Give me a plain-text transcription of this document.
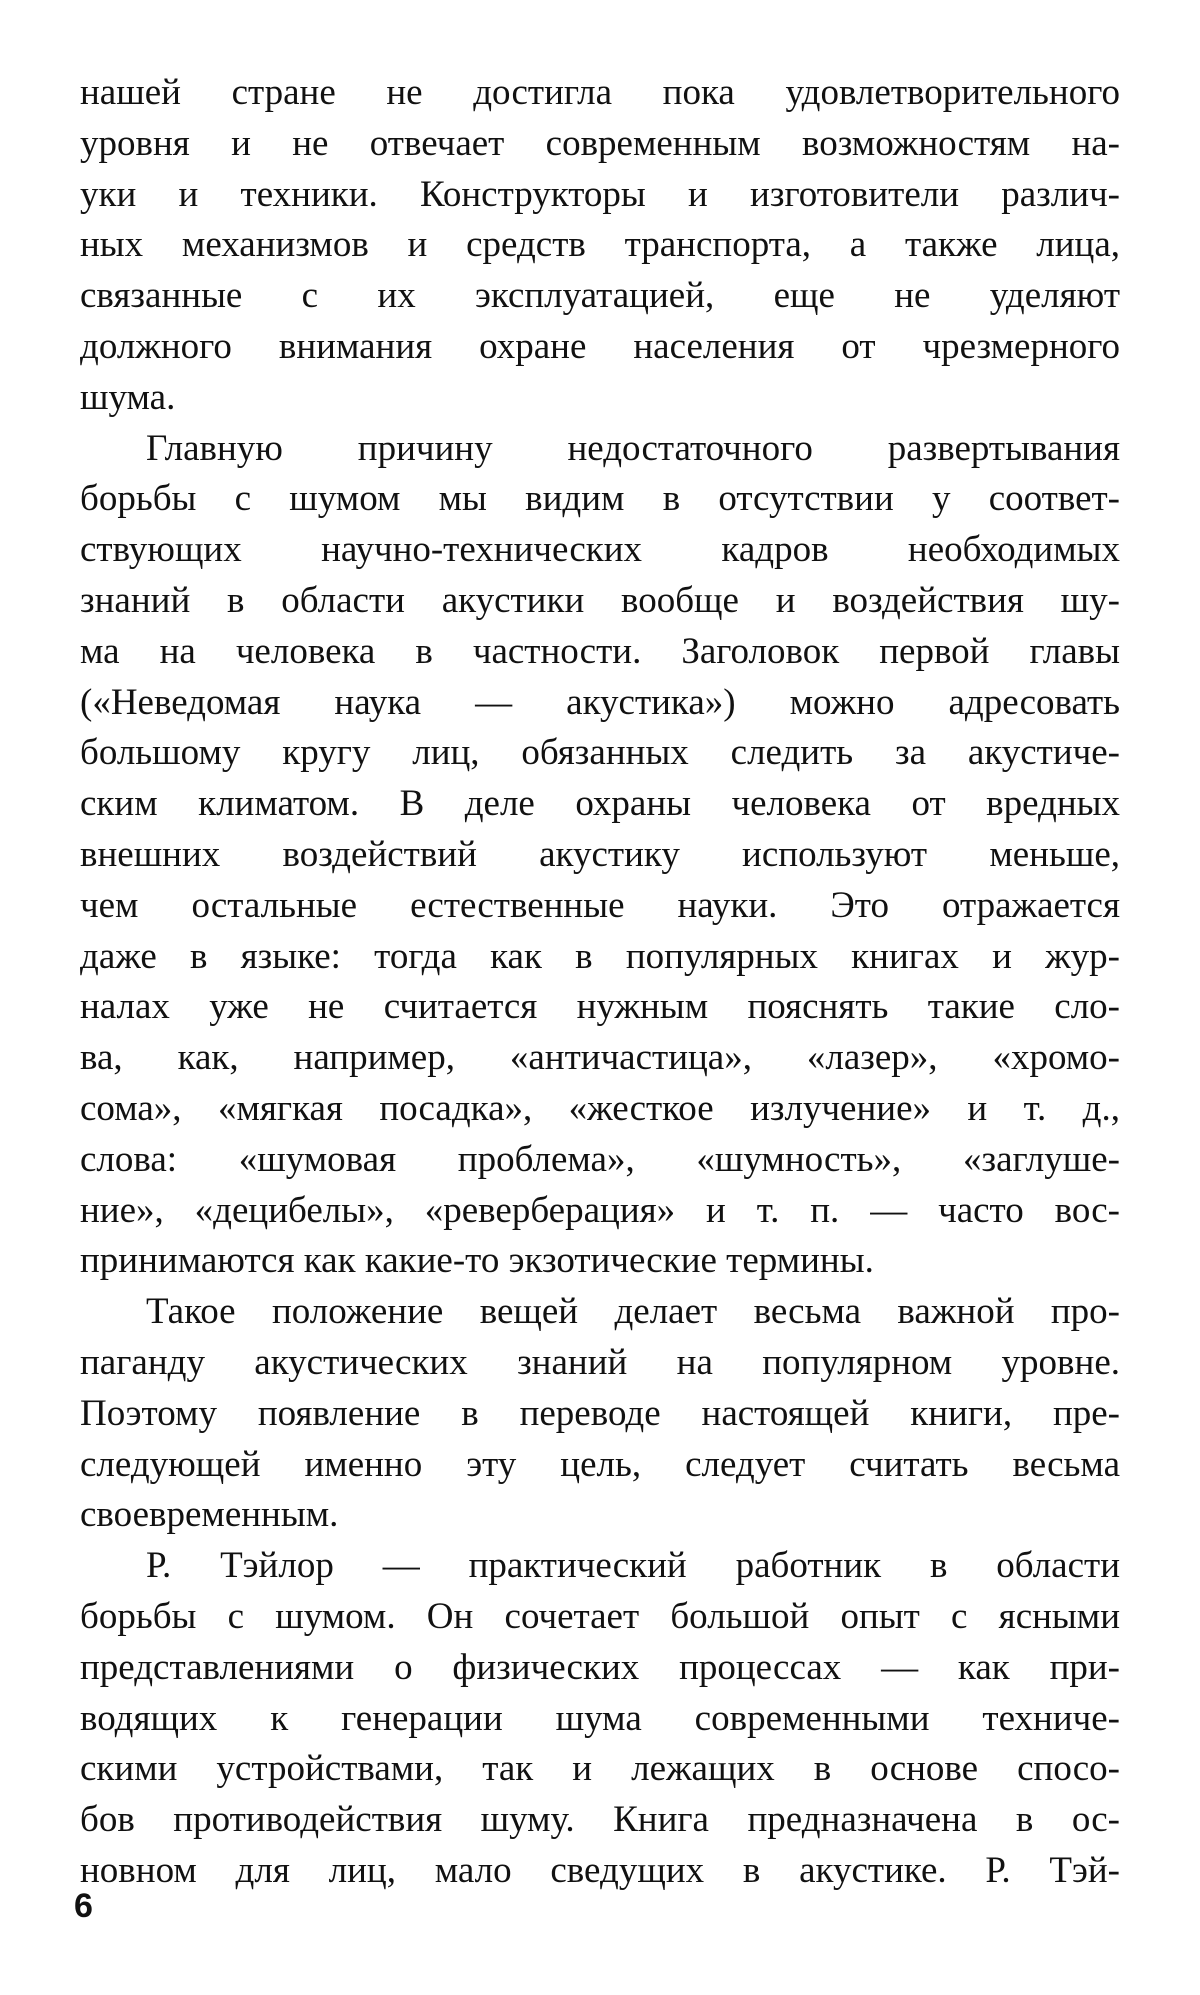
нашей стране не достигла пока удовлетворительного
уровня и не отвечает современным возможностям на-
уки и техники. Конструкторы и изготовители различ-
ных механизмов и средств транспорта, а также лица,
связанные с их эксплуатацией, еще не уделяют
должного внимания охране населения от чрезмерного
шума.
Главную причину недостаточного развертывания
борьбы с шумом мы видим в отсутствии у соответ-
ствующих научно-технических кадров необходимых
знаний в области акустики вообще и воздействия шу-
ма на человека в частности. Заголовок первой главы
(«Неведомая наука — акустика») можно адресовать
большому кругу лиц, обязанных следить за акустиче-
ским климатом. В деле охраны человека от вредных
внешних воздействий акустику используют меньше,
чем остальные естественные науки. Это отражается
даже в языке: тогда как в популярных книгах и жур-
налах уже не считается нужным пояснять такие сло-
ва, как, например, «античастица», «лазер», «хромо-
сома», «мягкая посадка», «жесткое излучение» и т. д.,
слова: «шумовая проблема», «шумность», «заглуше-
ние», «децибелы», «реверберация» и т. п. — часто вос-
принимаются как какие-то экзотические термины.
Такое положение вещей делает весьма важной про-
паганду акустических знаний на популярном уровне.
Поэтому появление в переводе настоящей книги, пре-
следующей именно эту цель, следует считать весьма
своевременным.
Р. Тэйлор — практический работник в области
борьбы с шумом. Он сочетает большой опыт с ясными
представлениями о физических процессах — как при-
водящих к генерации шума современными техниче-
скими устройствами, так и лежащих в основе спосо-
бов противодействия шуму. Книга предназначена в ос-
новном для лиц, мало сведущих в акустике. Р. Тэй-
6
